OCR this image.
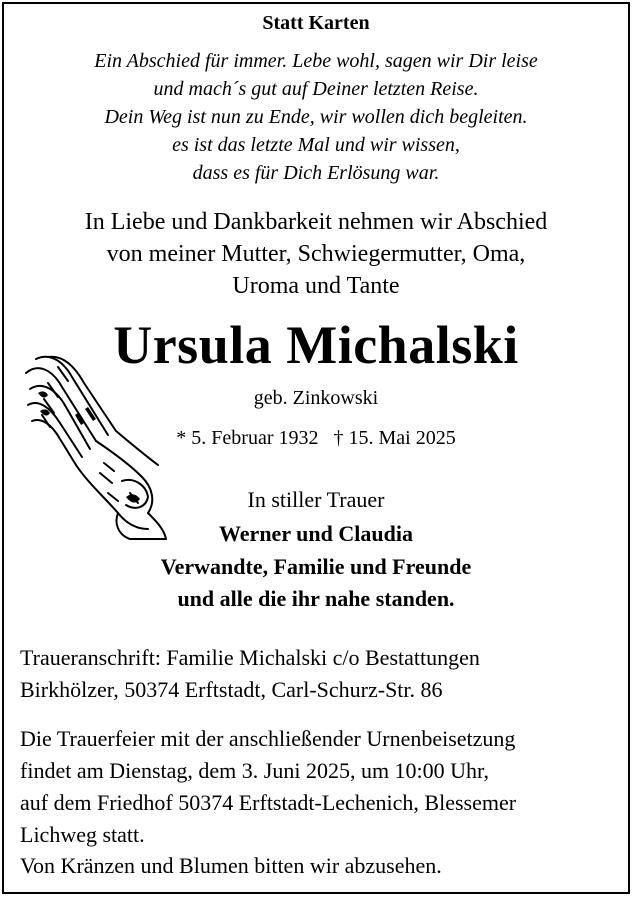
Statt Karten
Ein Abschied für immer. Lebe wohl, sagen wir Dir leise
und mach´s gut auf Deiner letzten Reise.
Dein Weg ist nun zu Ende, wir wollen dich begleiten.
es ist das letzte Mal und wir wissen,
dass es für Dich Erlösung war.
In Liebe und Dankbarkeit nehmen wir Abschied
von meiner Mutter, Schwiegermutter, Oma,
Uroma und Tante
Ursula Michalski
geb. Zinkowski
* 5. Februar 1932   † 15. Mai 2025
In stiller Trauer
Werner und Claudia
Verwandte, Familie und Freunde
und alle die ihr nahe standen.
Traueranschrift: Familie Michalski c/o Bestattungen
Birkhölzer, 50374 Erftstadt, Carl-Schurz-Str. 86
Die Trauerfeier mit der anschließender Urnenbeisetzung
findet am Dienstag, dem 3. Juni 2025, um 10:00 Uhr,
auf dem Friedhof 50374 Erftstadt-Lechenich, Blessemer
Lichweg statt.
Von Kränzen und Blumen bitten wir abzusehen.
